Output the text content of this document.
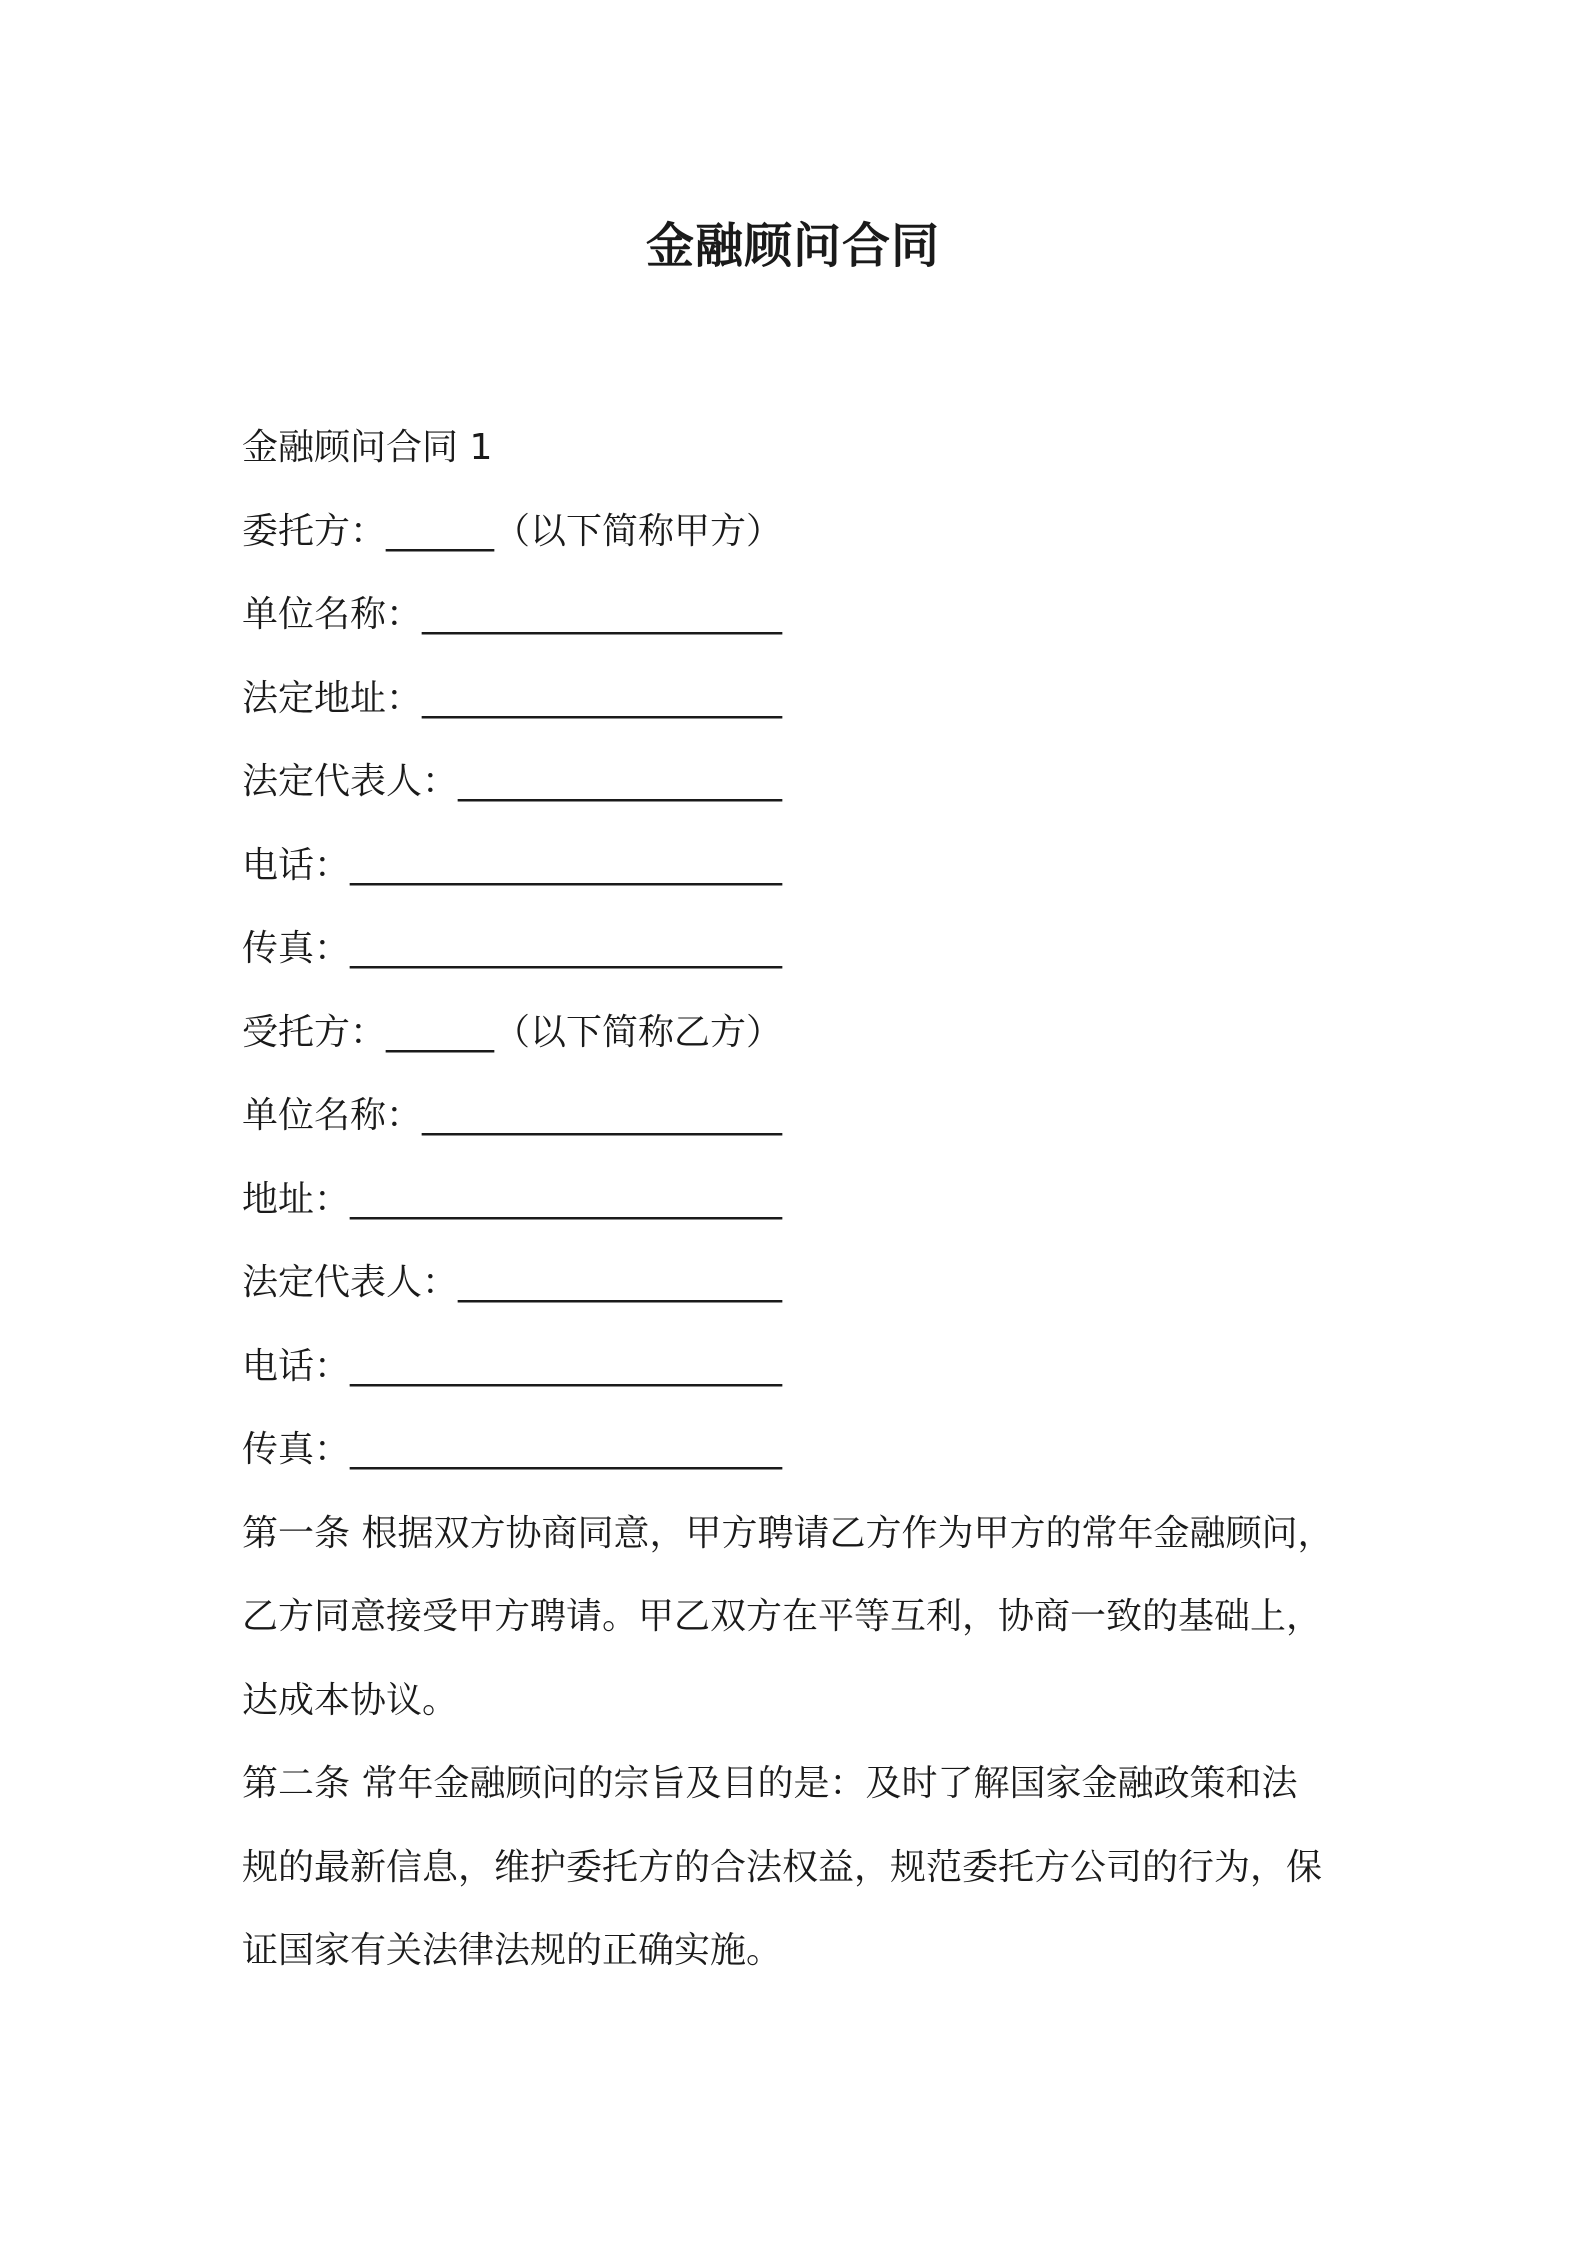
金融顾问合同
金融顾问合同 1
委托方：______（以下简称甲方）
单位名称：____________________
法定地址：____________________
法定代表人：__________________
电话：________________________
传真：________________________
受托方：______（以下简称乙方）
单位名称：____________________
地址：________________________
法定代表人：__________________
电话：________________________
传真：________________________
第一条 根据双方协商同意，甲方聘请乙方作为甲方的常年金融顾问，
乙方同意接受甲方聘请。甲乙双方在平等互利，协商一致的基础上，
达成本协议。
第二条 常年金融顾问的宗旨及目的是：及时了解国家金融政策和法
规的最新信息，维护委托方的合法权益，规范委托方公司的行为，保
证国家有关法律法规的正确实施。
